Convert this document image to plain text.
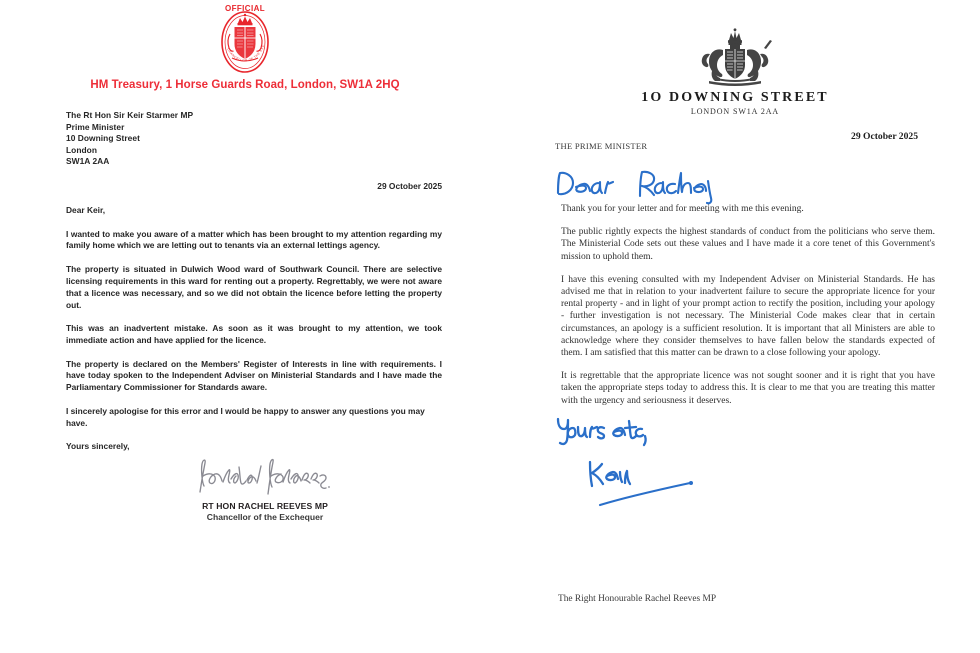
OFFICIAL
CHANCELLOR OF THE EXCHEQUER
HM Treasury, 1 Horse Guards Road, London, SW1A 2HQ
The Rt Hon Sir Keir Starmer MP
Prime Minister
10 Downing Street
London
SW1A 2AA
29 October 2025

Dear Keir,

I wanted to make you aware of a matter which has been brought to my attention regarding my family home which we are letting out to tenants via an external lettings agency.

The property is situated in Dulwich Wood ward of Southwark Council. There are selective licensing requirements in this ward for renting out a property. Regrettably, we were not aware that a licence was necessary, and so we did not obtain the licence before letting the property out.

This was an inadvertent mistake. As soon as it was brought to my attention, we took immediate action and have applied for the licence.

The property is declared on the Members' Register of Interests in line with requirements. I have today spoken to the Independent Adviser on Ministerial Standards and I have made the Parliamentary Commissioner for Standards aware.

I sincerely apologise for this error and I would be happy to answer any questions you may have.

Yours sincerely,

RT HON RACHEL REEVES MP
Chancellor of the Exchequer
1O DOWNING STREET
LONDON SW1A 2AA
29 October 2025
THE PRIME MINISTER

Thank you for your letter and for meeting with me this evening.

The public rightly expects the highest standards of conduct from the politicians who serve them. The Ministerial Code sets out these values and I have made it a core tenet of this Government's mission to uphold them.

I have this evening consulted with my Independent Adviser on Ministerial Standards. He has advised me that in relation to your inadvertent failure to secure the appropriate licence for your rental property - and in light of your prompt action to rectify the position, including your apology - further investigation is not necessary. The Ministerial Code makes clear that in certain circumstances, an apology is a sufficient resolution. It is important that all Ministers are able to acknowledge where they consider themselves to have fallen below the standards expected of them. I am satisfied that this matter can be drawn to a close following your apology.

It is regrettable that the appropriate licence was not sought sooner and it is right that you have taken the appropriate steps today to address this. It is clear to me that you are treating this matter with the urgency and seriousness it deserves.

The Right Honourable Rachel Reeves MP
